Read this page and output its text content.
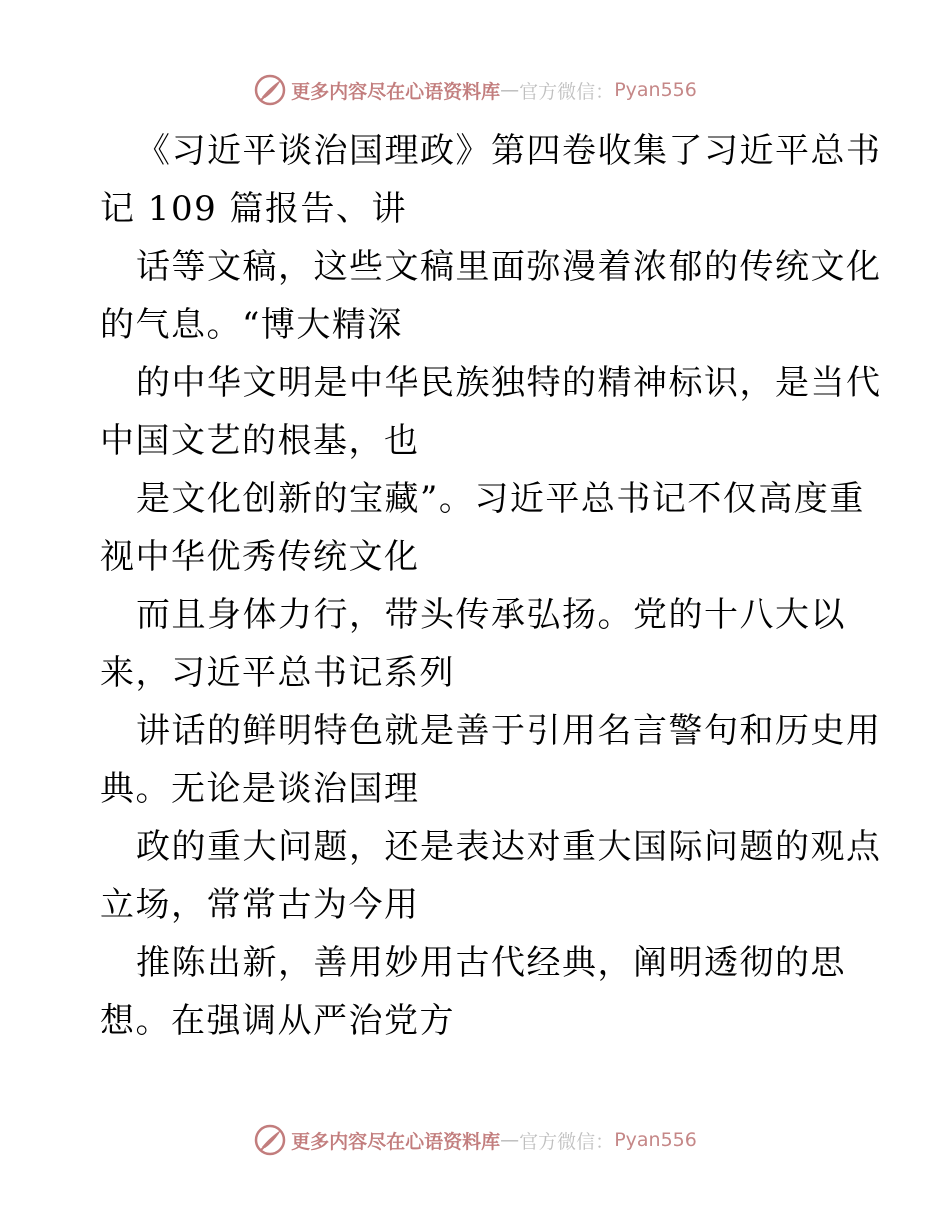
更多内容尽在心语资料库 — 官方微信： Pyan556
《习近平谈治国理政》第四卷收集了习近平总书
记 109 篇报告、讲
话等文稿，这些文稿里面弥漫着浓郁的传统文化
的气息。“博大精深
的中华文明是中华民族独特的精神标识，是当代
中国文艺的根基，也
是文化创新的宝藏”。习近平总书记不仅高度重
视中华优秀传统文化
而且身体力行，带头传承弘扬。党的十八大以
来，习近平总书记系列
讲话的鲜明特色就是善于引用名言警句和历史用
典。无论是谈治国理
政的重大问题，还是表达对重大国际问题的观点
立场，常常古为今用
推陈出新，善用妙用古代经典，阐明透彻的思
想。在强调从严治党方
更多内容尽在心语资料库 — 官方微信： Pyan556
